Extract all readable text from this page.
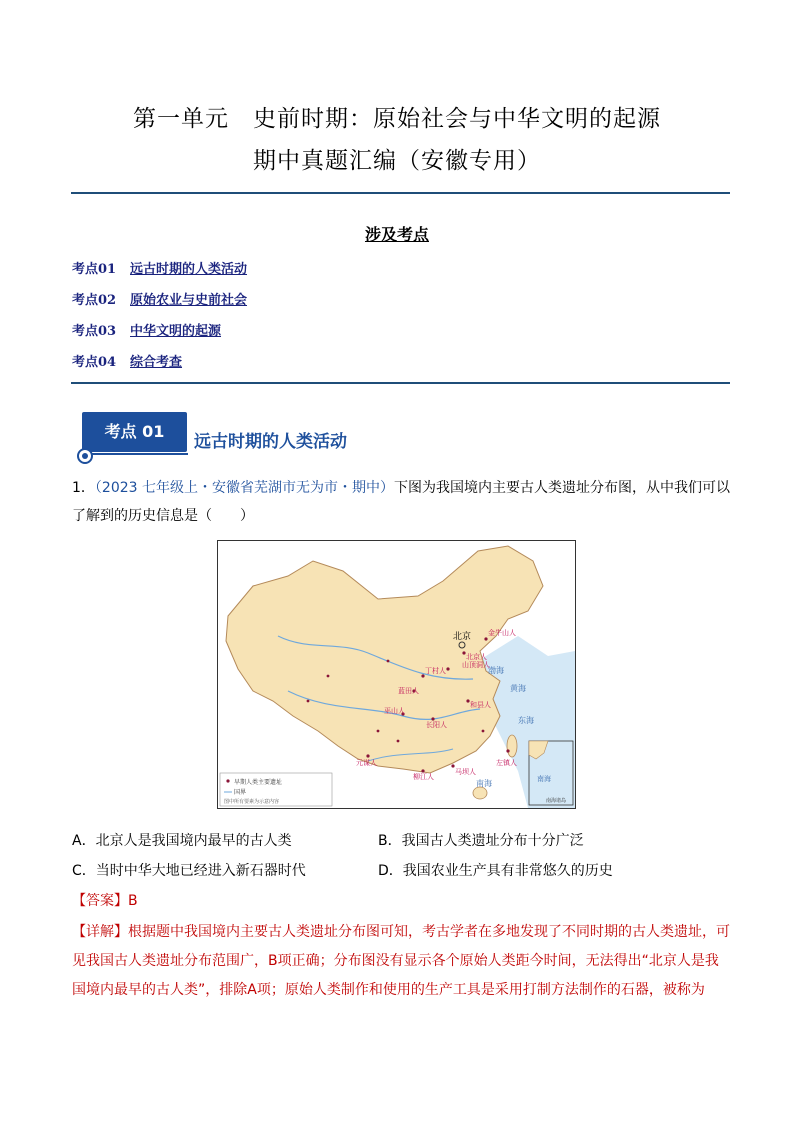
第一单元　史前时期：原始社会与中华文明的起源
期中真题汇编（安徽专用）
涉及考点
考点01 远古时期的人类活动
考点02 原始农业与史前社会
考点03 中华文明的起源
考点04 综合考查
考点 01
远古时期的人类活动
1．（2023 七年级上・安徽省芜湖市无为市・期中）下图为我国境内主要古人类遗址分布图，从中我们可以了解到的历史信息是（　　）
北京 金牛山人
北京人
山顶洞人
丁村人
蓝田人
和县人
巫山人
长阳人
元谋人
马坝人
柳江人
左镇人
渤海
黄海
东海
南海
早期人类主要遗址
国界
图中所有要素为示意内容
南海
南海诸岛
A．北京人是我国境内最早的古人类	B．我国古人类遗址分布十分广泛
C．当时中华大地已经进入新石器时代	D．我国农业生产具有非常悠久的历史
【答案】B
【详解】根据题中我国境内主要古人类遗址分布图可知，考古学者在多地发现了不同时期的古人类遗址，可见我国古人类遗址分布范围广，B项正确；分布图没有显示各个原始人类距今时间，无法得出“北京人是我国境内最早的古人类”，排除A项；原始人类制作和使用的生产工具是采用打制方法制作的石器，被称为
